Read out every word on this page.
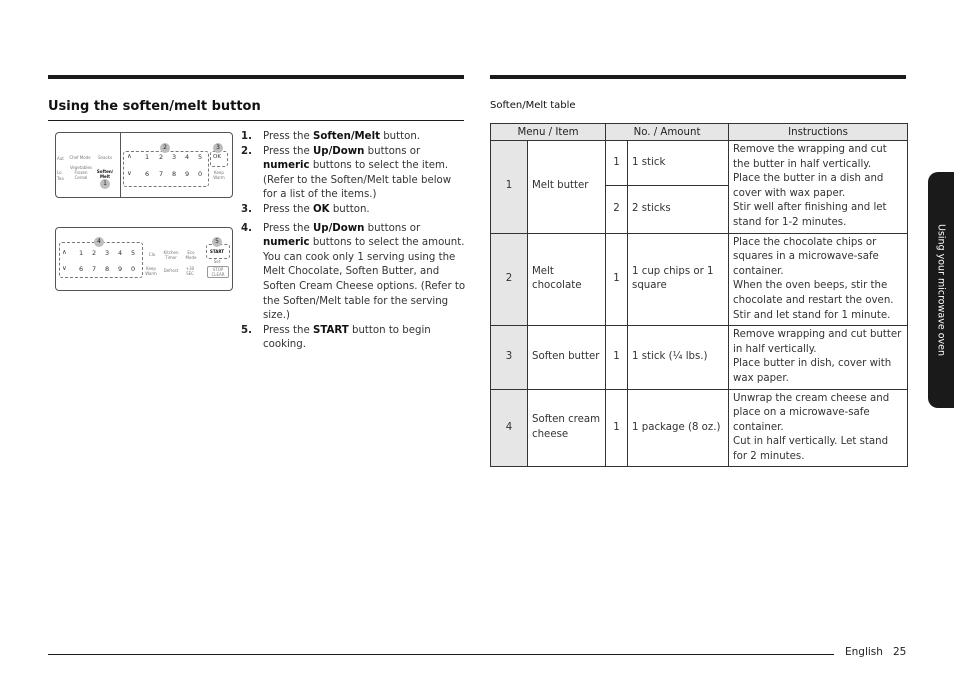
Using the soften/melt button
Aut
Lo
Tea
Chef Mode	Snacks
Vegetables
Frozen
Cereal
Soften/ Melt
1
2
∧
∨
1 2 3 4 5
6 7 8 9 0
3
OK
Keep Warm
4
∧
∨
1 2 3 4 5
6 7 8 9 0
Clo	Kitchen Timer
Eco Mode
Keep Warm
Defrost	+30 SEC
5
START
Set
STOP CLEAR
1.	Press the Soften/Melt button.
2.	Press the Up/Down buttons or numeric buttons to select the item. (Refer to the Soften/Melt table below for a list of the items.)
3.	Press the OK button.
4.	Press the Up/Down buttons or numeric buttons to select the amount. You can cook only 1 serving using the Melt Chocolate, Soften Butter, and Soften Cream Cheese options. (Refer to the Soften/Melt table for the serving size.)
5.	Press the START button to begin cooking.
Soften/Melt table
Menu / Item		No. / Amount		Instructions
1	Melt butter	1	1 stick	Remove the wrapping and cut the butter in half vertically.
Place the butter in a dish and cover with wax paper.
Stir well after finishing and let stand for 1-2 minutes.

		2	2 sticks	
2	Melt chocolate	1	1 cup chips or 1 square	Place the chocolate chips or squares in a microwave-safe container.
When the oven beeps, stir the chocolate and restart the oven. Stir and let stand for 1 minute.

3	Soften butter	1	1 stick (¼ lbs.)	Remove wrapping and cut butter in half vertically.
Place butter in dish, cover with wax paper.

4	Soften cream cheese	1	1 package (8 oz.)	Unwrap the cream cheese and place on a microwave-safe container.
Cut in half vertically. Let stand for 2 minutes.
Using your microwave oven
English 25
